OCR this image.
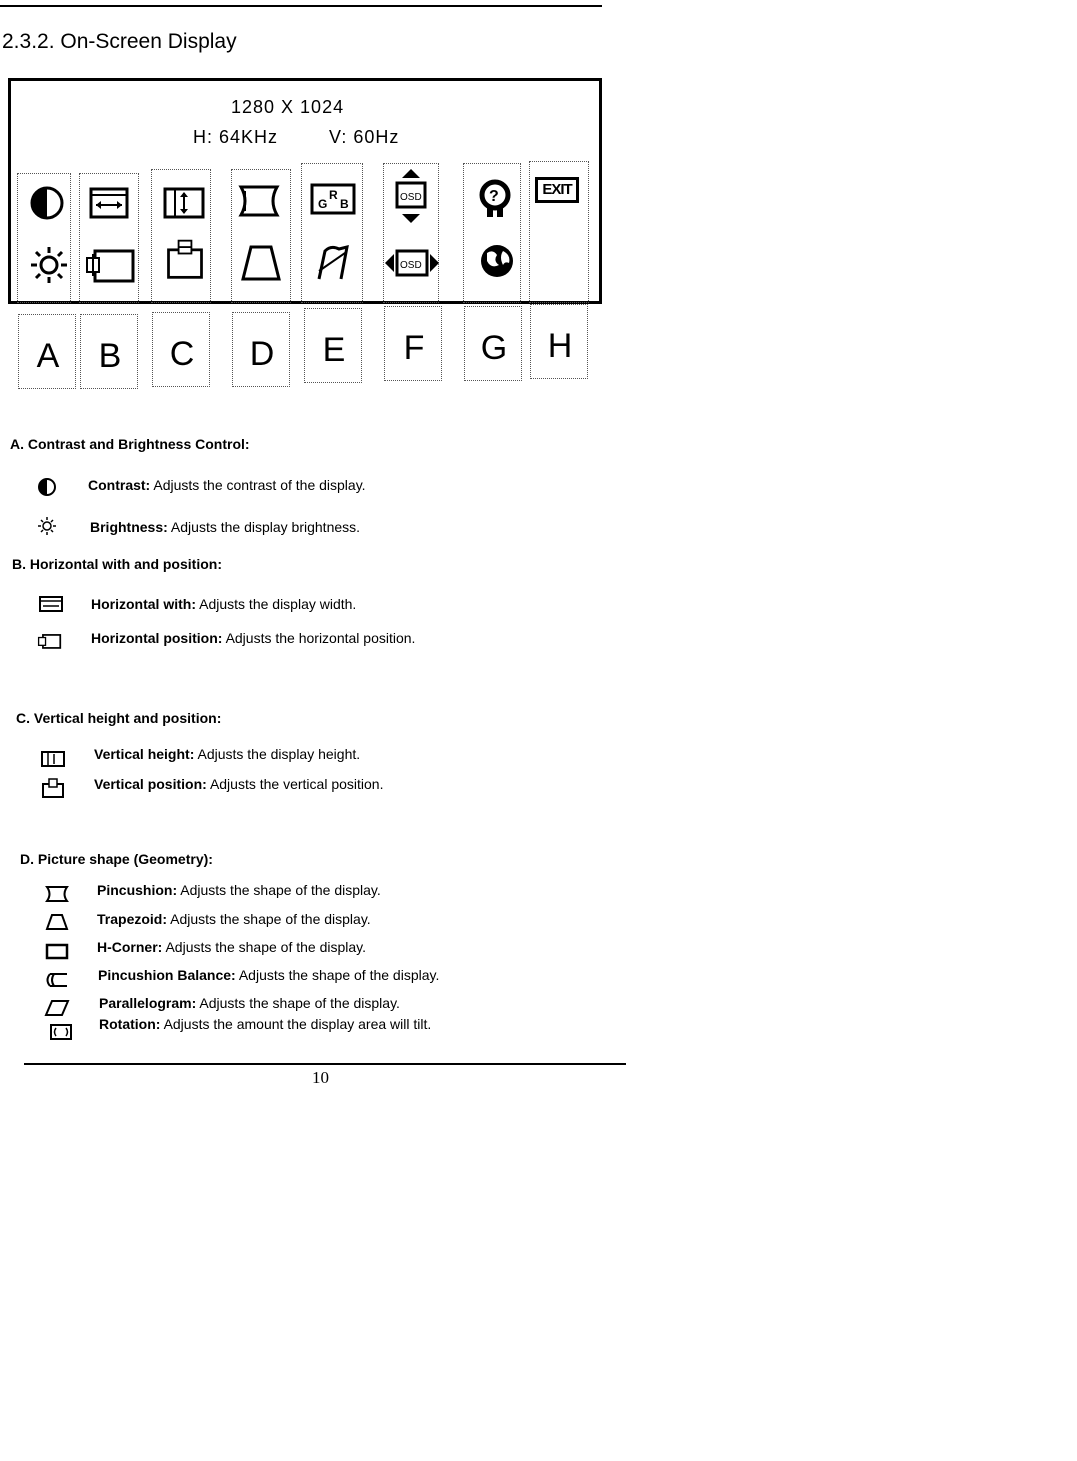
2.3.2. On-Screen Display
1280 X 1024
H: 64KHz	V: 60Hz
G
R
B	OSD	?	EXIT
OSD
A	B	C	D	E	F	G	H
A. Contrast and Brightness Control:
Contrast: Adjusts the contrast of the display.
Brightness: Adjusts the display brightness.
B. Horizontal with and position:
Horizontal with: Adjusts the display width.
Horizontal position: Adjusts the horizontal position.
C. Vertical height and position:
Vertical height: Adjusts the display height.
Vertical position: Adjusts the vertical position.
D. Picture shape (Geometry):
Pincushion: Adjusts the shape of the display.
Trapezoid: Adjusts the shape of the display.
H-Corner: Adjusts the shape of the display.
Pincushion Balance: Adjusts the shape of the display.
Parallelogram: Adjusts the shape of the display.
Rotation: Adjusts the amount the display area will tilt.
10
